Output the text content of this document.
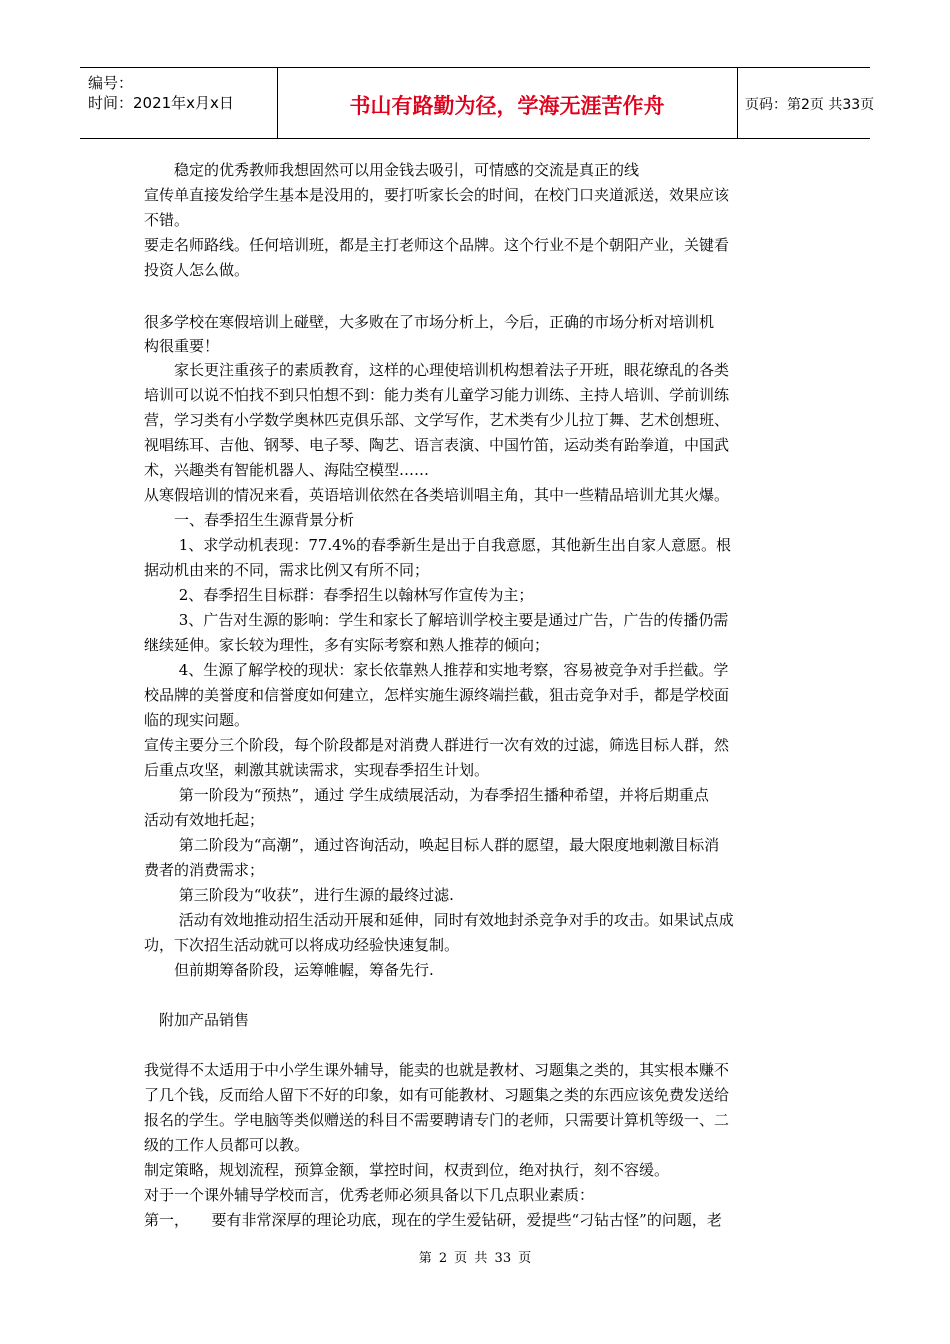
编号：
时间：2021年x月x日	书山有路勤为径，学海无涯苦作舟	页码：第2页 共33页
　　稳定的优秀教师我想固然可以用金钱去吸引，可情感的交流是真正的线
宣传单直接发给学生基本是没用的，要打听家长会的时间，在校门口夹道派送，效果应该
不错。
要走名师路线。任何培训班，都是主打老师这个品牌。这个行业不是个朝阳产业，关键看
投资人怎么做。
很多学校在寒假培训上碰壁，大多败在了市场分析上，今后，正确的市场分析对培训机
构很重要！
　　家长更注重孩子的素质教育，这样的心理使培训机构想着法子开班，眼花缭乱的各类
培训可以说不怕找不到只怕想不到：能力类有儿童学习能力训练、主持人培训、学前训练
营，学习类有小学数学奥林匹克俱乐部、文学写作，艺术类有少儿拉丁舞、艺术创想班、
视唱练耳、吉他、钢琴、电子琴、陶艺、语言表演、中国竹笛，运动类有跆拳道，中国武
术，兴趣类有智能机器人、海陆空模型……
从寒假培训的情况来看，英语培训依然在各类培训唱主角，其中一些精品培训尤其火爆。
　　一、春季招生生源背景分析
　　 1、求学动机表现：77.4%的春季新生是出于自我意愿，其他新生出自家人意愿。根
据动机由来的不同，需求比例又有所不同；
　　 2、春季招生目标群：春季招生以翰林写作宣传为主；
　　 3、广告对生源的影响：学生和家长了解培训学校主要是通过广告，广告的传播仍需
继续延伸。家长较为理性，多有实际考察和熟人推荐的倾向；
　　 4、生源了解学校的现状：家长依靠熟人推荐和实地考察，容易被竞争对手拦截。学
校品牌的美誉度和信誉度如何建立，怎样实施生源终端拦截，狙击竞争对手，都是学校面
临的现实问题。
宣传主要分三个阶段，每个阶段都是对消费人群进行一次有效的过滤，筛选目标人群，然
后重点攻坚，刺激其就读需求，实现春季招生计划。
　　 第一阶段为“预热”，通过 学生成绩展活动，为春季招生播种希望，并将后期重点
活动有效地托起；
　　 第二阶段为“高潮”，通过咨询活动，唤起目标人群的愿望，最大限度地刺激目标消
费者的消费需求；
　　 第三阶段为“收获”，进行生源的最终过滤.
　　 活动有效地推动招生活动开展和延伸，同时有效地封杀竞争对手的攻击。如果试点成
功，下次招生活动就可以将成功经验快速复制。
　　但前期筹备阶段，运筹帷幄，筹备先行.
　附加产品销售
我觉得不太适用于中小学生课外辅导，能卖的也就是教材、习题集之类的，其实根本赚不
了几个钱，反而给人留下不好的印象，如有可能教材、习题集之类的东西应该免费发送给
报名的学生。学电脑等类似赠送的科目不需要聘请专门的老师，只需要计算机等级一、二
级的工作人员都可以教。
制定策略，规划流程，预算金额，掌控时间，权责到位，绝对执行，刻不容缓。
对于一个课外辅导学校而言，优秀老师必须具备以下几点职业素质：
第一，　　要有非常深厚的理论功底，现在的学生爱钻研，爱提些“刁钻古怪”的问题，老
第 2 页 共 33 页
